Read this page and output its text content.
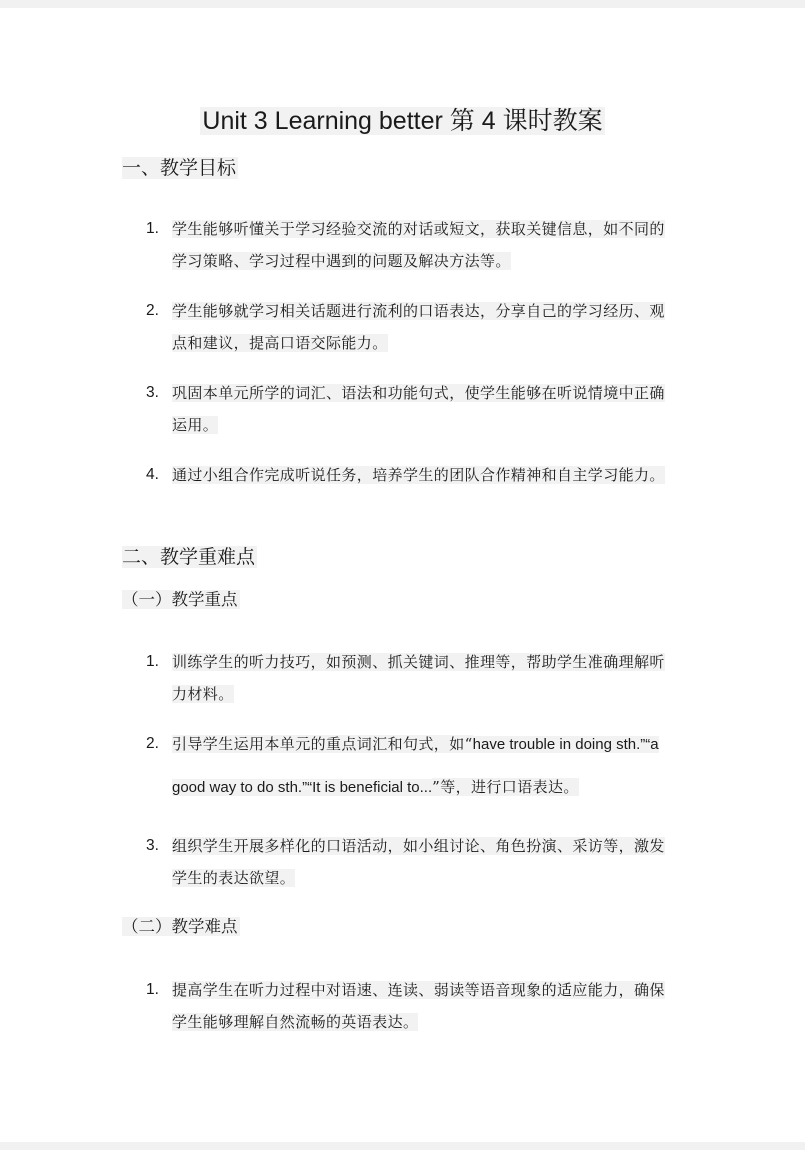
Unit 3 Learning better 第 4 课时教案
一、教学目标
1. 学生能够听懂关于学习经验交流的对话或短文，获取关键信息，如不同的学习策略、学习过程中遇到的问题及解决方法等。
2. 学生能够就学习相关话题进行流利的口语表达，分享自己的学习经历、观点和建议，提高口语交际能力。
3. 巩固本单元所学的词汇、语法和功能句式，使学生能够在听说情境中正确运用。
4. 通过小组合作完成听说任务，培养学生的团队合作精神和自主学习能力。
二、教学重难点
（一）教学重点
1. 训练学生的听力技巧，如预测、抓关键词、推理等，帮助学生准确理解听力材料。
2. 引导学生运用本单元的重点词汇和句式，如“have trouble in doing sth.”“a good way to do sth.”“It is beneficial to...”等，进行口语表达。
3. 组织学生开展多样化的口语活动，如小组讨论、角色扮演、采访等，激发学生的表达欲望。
（二）教学难点
1. 提高学生在听力过程中对语速、连读、弱读等语音现象的适应能力，确保学生能够理解自然流畅的英语表达。
